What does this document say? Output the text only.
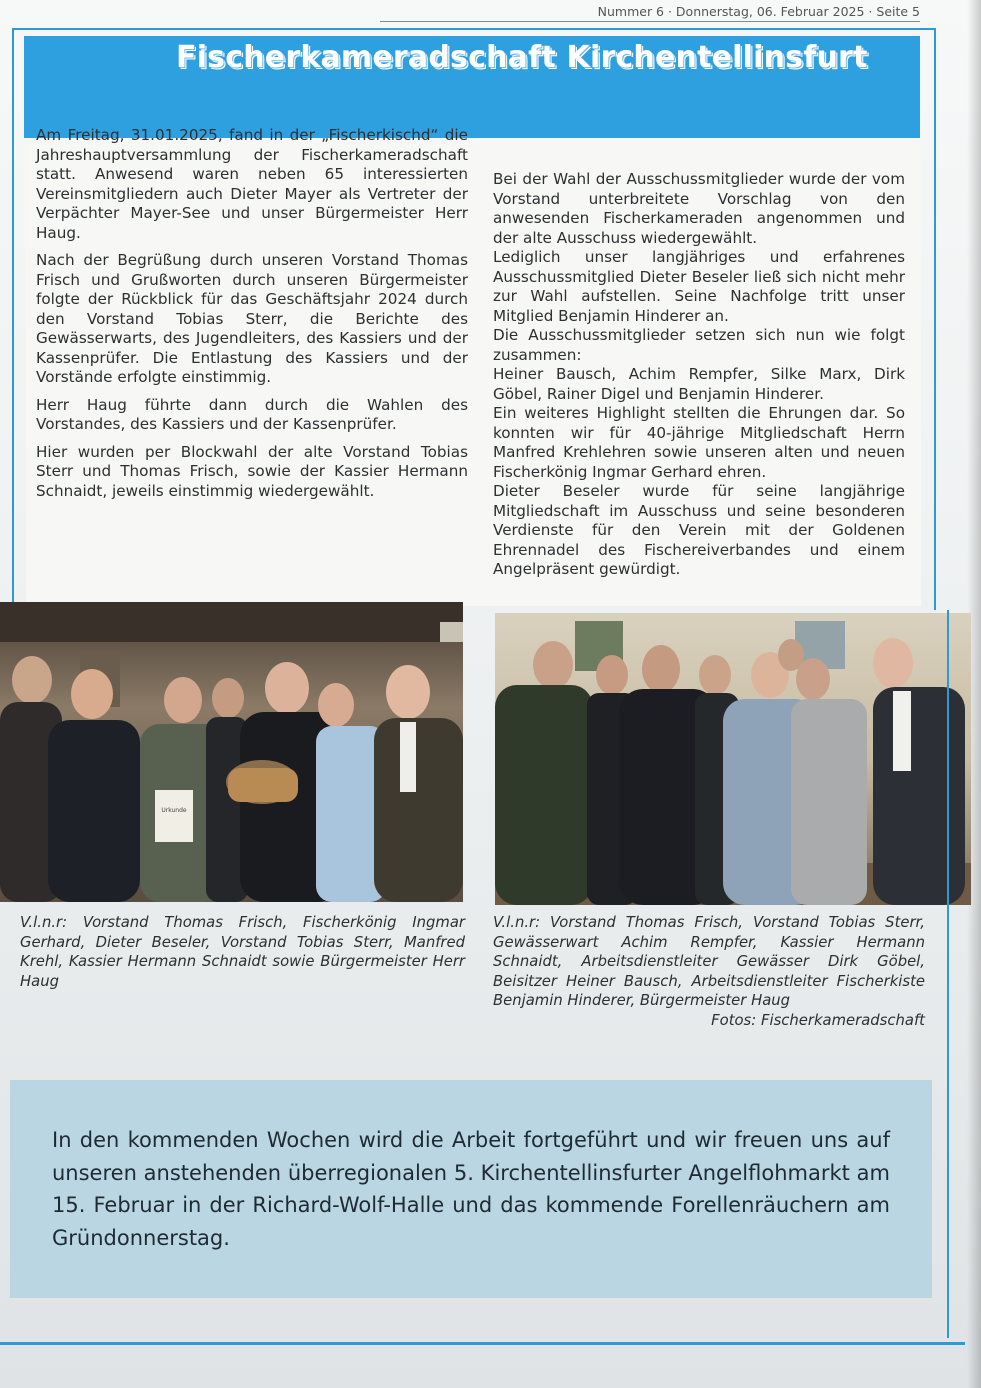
Nummer 6 · Donnerstag, 06. Februar 2025 · Seite 5
Fischerkameradschaft Kirchentellinsfurt

Am Freitag, 31.01.2025, fand in der „Fischerkischd“ die Jahreshauptversammlung der Fischerkameradschaft statt. Anwesend waren neben 65 interessierten Vereinsmitgliedern auch Dieter Mayer als Vertreter der Verpächter Mayer-See und unser Bürgermeister Herr Haug.

Nach der Begrüßung durch unseren Vorstand Thomas Frisch und Grußworten durch unseren Bürgermeister folgte der Rückblick für das Geschäftsjahr 2024 durch den Vorstand Tobias Sterr, die Berichte des Gewässerwarts, des Jugendleiters, des Kassiers und der Kassenprüfer. Die Entlastung des Kassiers und der Vorstände erfolgte einstimmig.

Herr Haug führte dann durch die Wahlen des Vorstandes, des Kassiers und der Kassenprüfer.

Hier wurden per Blockwahl der alte Vorstand Tobias Sterr und Thomas Frisch, sowie der Kassier Hermann Schnaidt, jeweils einstimmig wiedergewählt.

Bei der Wahl der Ausschussmitglieder wurde der vom Vorstand unterbreitete Vorschlag von den anwesenden Fischerkameraden angenommen und der alte Ausschuss wiedergewählt.

Lediglich unser langjähriges und erfahrenes Ausschussmitglied Dieter Beseler ließ sich nicht mehr zur Wahl aufstellen. Seine Nachfolge tritt unser Mitglied Benjamin Hinderer an.

Die Ausschussmitglieder setzen sich nun wie folgt zusammen:

Heiner Bausch, Achim Rempfer, Silke Marx, Dirk Göbel, Rainer Digel und Benjamin Hinderer.

Ein weiteres Highlight stellten die Ehrungen dar. So konnten wir für 40-jährige Mitgliedschaft Herrn Manfred Krehlehren sowie unseren alten und neuen Fischerkönig Ingmar Gerhard ehren.

Dieter Beseler wurde für seine langjährige Mitgliedschaft im Ausschuss und seine besonderen Verdienste für den Verein mit der Goldenen Ehrennadel des Fischereiverbandes und einem Angelpräsent gewürdigt.

Urkunde
V.l.n.r: Vorstand Thomas Frisch, Fischerkönig Ingmar Gerhard, Dieter Beseler, Vorstand Tobias Sterr, Manfred Krehl, Kassier Hermann Schnaidt sowie Bürgermeister Herr Haug
V.l.n.r: Vorstand Thomas Frisch, Vorstand Tobias Sterr, Gewässerwart Achim Rempfer, Kassier Hermann Schnaidt, Arbeitsdienstleiter Gewässer Dirk Göbel, Beisitzer Heiner Bausch, Arbeitsdienstleiter Fischerkiste Benjamin Hinderer, Bürgermeister Haug
Fotos: Fischerkameradschaft
In den kommenden Wochen wird die Arbeit fortgeführt und wir freuen uns auf unseren anstehenden überregionalen 5. Kirchentellinsfurter Angelflohmarkt am 15. Februar in der Richard-Wolf-Halle und das kommende Forellenräuchern am Gründonnerstag.
